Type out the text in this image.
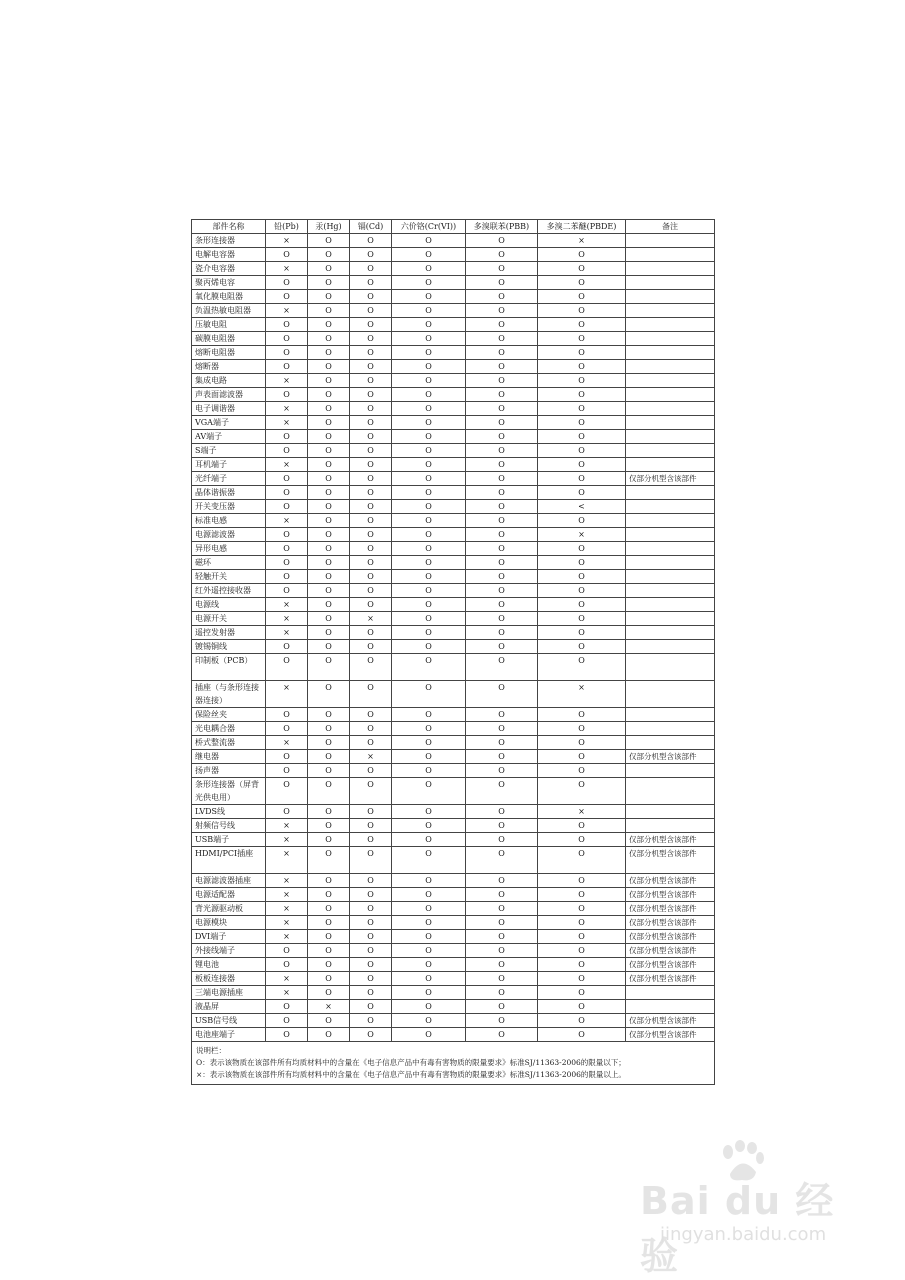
部件名称	铅(Pb)	汞(Hg)	镉(Cd)	六价铬(Cr(VI))	多溴联苯(PBB)	多溴二苯醚(PBDE)	备注
条形连接器	×	O	O	O	O	×	
电解电容器	O	O	O	O	O	O	
瓷介电容器	×	O	O	O	O	O	
聚丙烯电容	O	O	O	O	O	O	
氧化膜电阻器	O	O	O	O	O	O	
负温热敏电阻器	×	O	O	O	O	O	
压敏电阻	O	O	O	O	O	O	
碳膜电阻器	O	O	O	O	O	O	
熔断电阻器	O	O	O	O	O	O	
熔断器	O	O	O	O	O	O	
集成电路	×	O	O	O	O	O	
声表面滤波器	O	O	O	O	O	O	
电子调谐器	×	O	O	O	O	O	
VGA端子	×	O	O	O	O	O	
AV端子	O	O	O	O	O	O	
S端子	O	O	O	O	O	O	
耳机端子	×	O	O	O	O	O	
光纤端子	O	O	O	O	O	O	仅部分机型含该部件
晶体谐振器	O	O	O	O	O	O	
开关变压器	O	O	O	O	O	<	
标准电感	×	O	O	O	O	O	
电源滤波器	O	O	O	O	O	×	
异形电感	O	O	O	O	O	O	
磁环	O	O	O	O	O	O	
轻触开关	O	O	O	O	O	O	
红外遥控接收器	O	O	O	O	O	O	
电源线	×	O	O	O	O	O	
电源开关	×	O	×	O	O	O	
遥控发射器	×	O	O	O	O	O	
镀锡铜线	O	O	O	O	O	O	
印制板（PCB）	O	O	O	O	O	O	
插座（与条形连接器连接）	×	O	O	O	O	×	
保险丝夹	O	O	O	O	O	O	
光电耦合器	O	O	O	O	O	O	
桥式整流器	×	O	O	O	O	O	
继电器	O	O	×	O	O	O	仅部分机型含该部件
扬声器	O	O	O	O	O	O	
条形连接器（屏背光供电用）	O	O	O	O	O	O	
LVDS线	O	O	O	O	O	×	
射频信号线	×	O	O	O	O	O	
USB端子	×	O	O	O	O	O	仅部分机型含该部件
HDMI/PCI插座	×	O	O	O	O	O	仅部分机型含该部件
电源滤波器插座	×	O	O	O	O	O	仅部分机型含该部件
电源适配器	×	O	O	O	O	O	仅部分机型含该部件
背光源驱动板	×	O	O	O	O	O	仅部分机型含该部件
电源模块	×	O	O	O	O	O	仅部分机型含该部件
DVI端子	×	O	O	O	O	O	仅部分机型含该部件
外接线端子	O	O	O	O	O	O	仅部分机型含该部件
锂电池	O	O	O	O	O	O	仅部分机型含该部件
板板连接器	×	O	O	O	O	O	仅部分机型含该部件
三端电源插座	×	O	O	O	O	O	
液晶屏	O	×	O	O	O	O	
USB信号线	O	O	O	O	O	O	仅部分机型含该部件
电池座端子	O	O	O	O	O	O	仅部分机型含该部件
说明栏：
O：表示该物质在该部件所有均质材料中的含量在《电子信息产品中有毒有害物质的限量要求》标准SJ/11363-2006的限量以下；
×：表示该物质在该部件所有均质材料中的含量在《电子信息产品中有毒有害物质的限量要求》标准SJ/11363-2006的限量以上。
Bai du 经验
jingyan.baidu.com
